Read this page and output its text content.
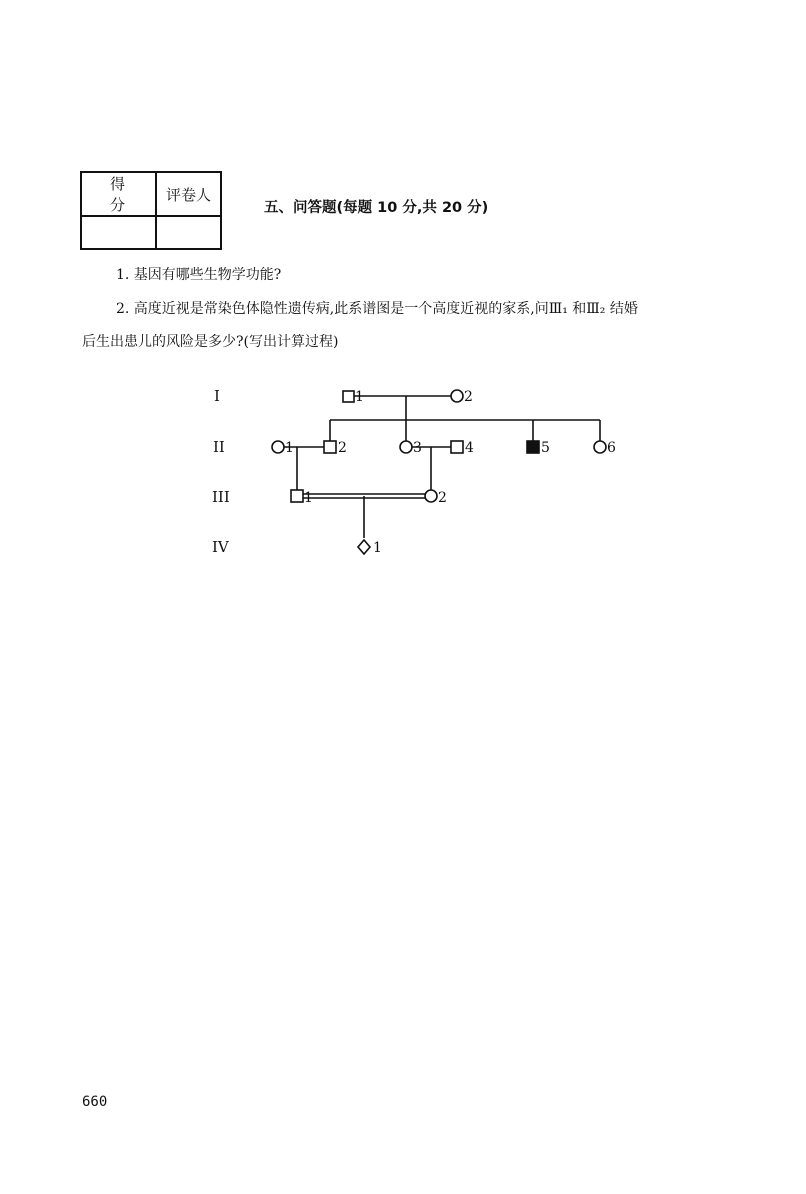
得 分	评卷人

五、问答题(每题 10 分,共 20 分)
1. 基因有哪些生物学功能?
2. 高度近视是常染色体隐性遗传病,此系谱图是一个高度近视的家系,问Ⅲ₁ 和Ⅲ₂ 结婚
后生出患儿的风险是多少?(写出计算过程)
I
II
III
IV
1	2
1	2	3	4	5	6
1	2
1
660
